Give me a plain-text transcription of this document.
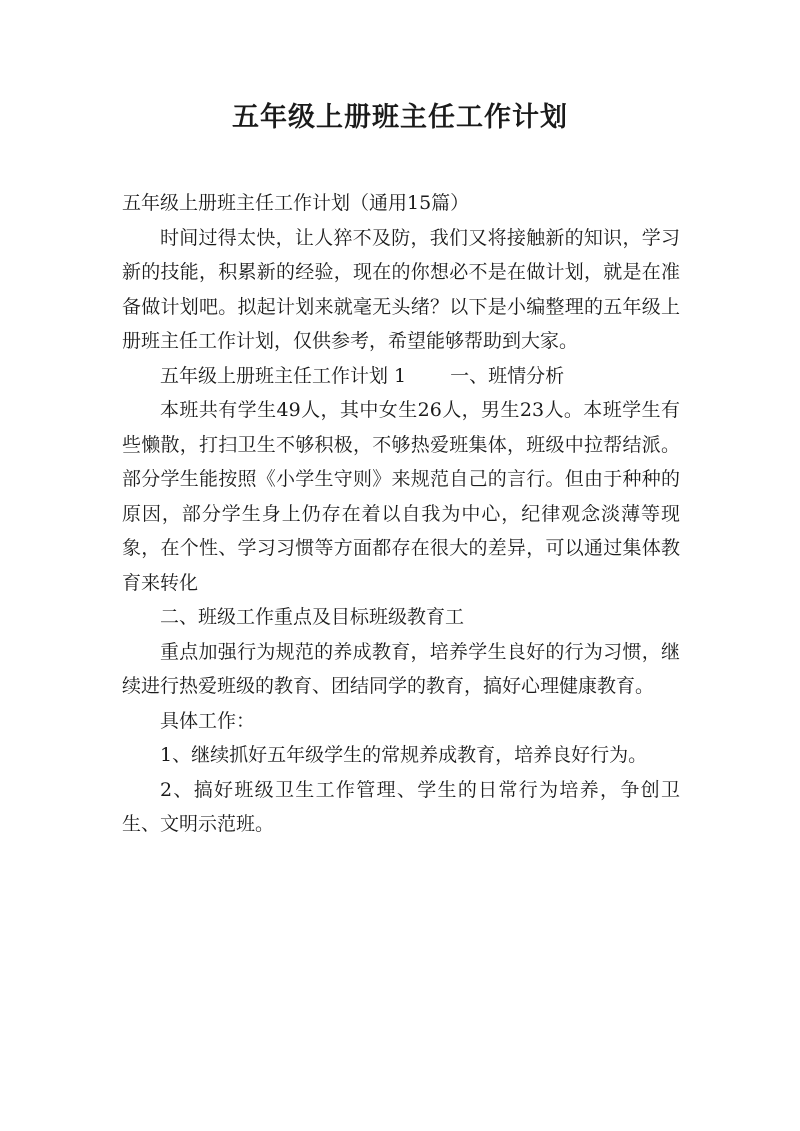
五年级上册班主任工作计划

五年级上册班主任工作计划（通用15篇）

时间过得太快，让人猝不及防，我们又将接触新的知识，学习新的技能，积累新的经验，现在的你想必不是在做计划，就是在准备做计划吧。拟起计划来就毫无头绪？以下是小编整理的五年级上册班主任工作计划，仅供参考，希望能够帮助到大家。

五年级上册班主任工作计划 1 一、班情分析

本班共有学生49人，其中女生26人，男生23人。本班学生有些懒散，打扫卫生不够积极，不够热爱班集体，班级中拉帮结派。部分学生能按照《小学生守则》来规范自己的言行。但由于种种的原因，部分学生身上仍存在着以自我为中心，纪律观念淡薄等现象，在个性、学习习惯等方面都存在很大的差异，可以通过集体教育来转化

二、班级工作重点及目标班级教育工

重点加强行为规范的养成教育，培养学生良好的行为习惯，继续进行热爱班级的教育、团结同学的教育，搞好心理健康教育。

具体工作：

1、继续抓好五年级学生的常规养成教育，培养良好行为。

2、搞好班级卫生工作管理、学生的日常行为培养，争创卫生、文明示范班。
